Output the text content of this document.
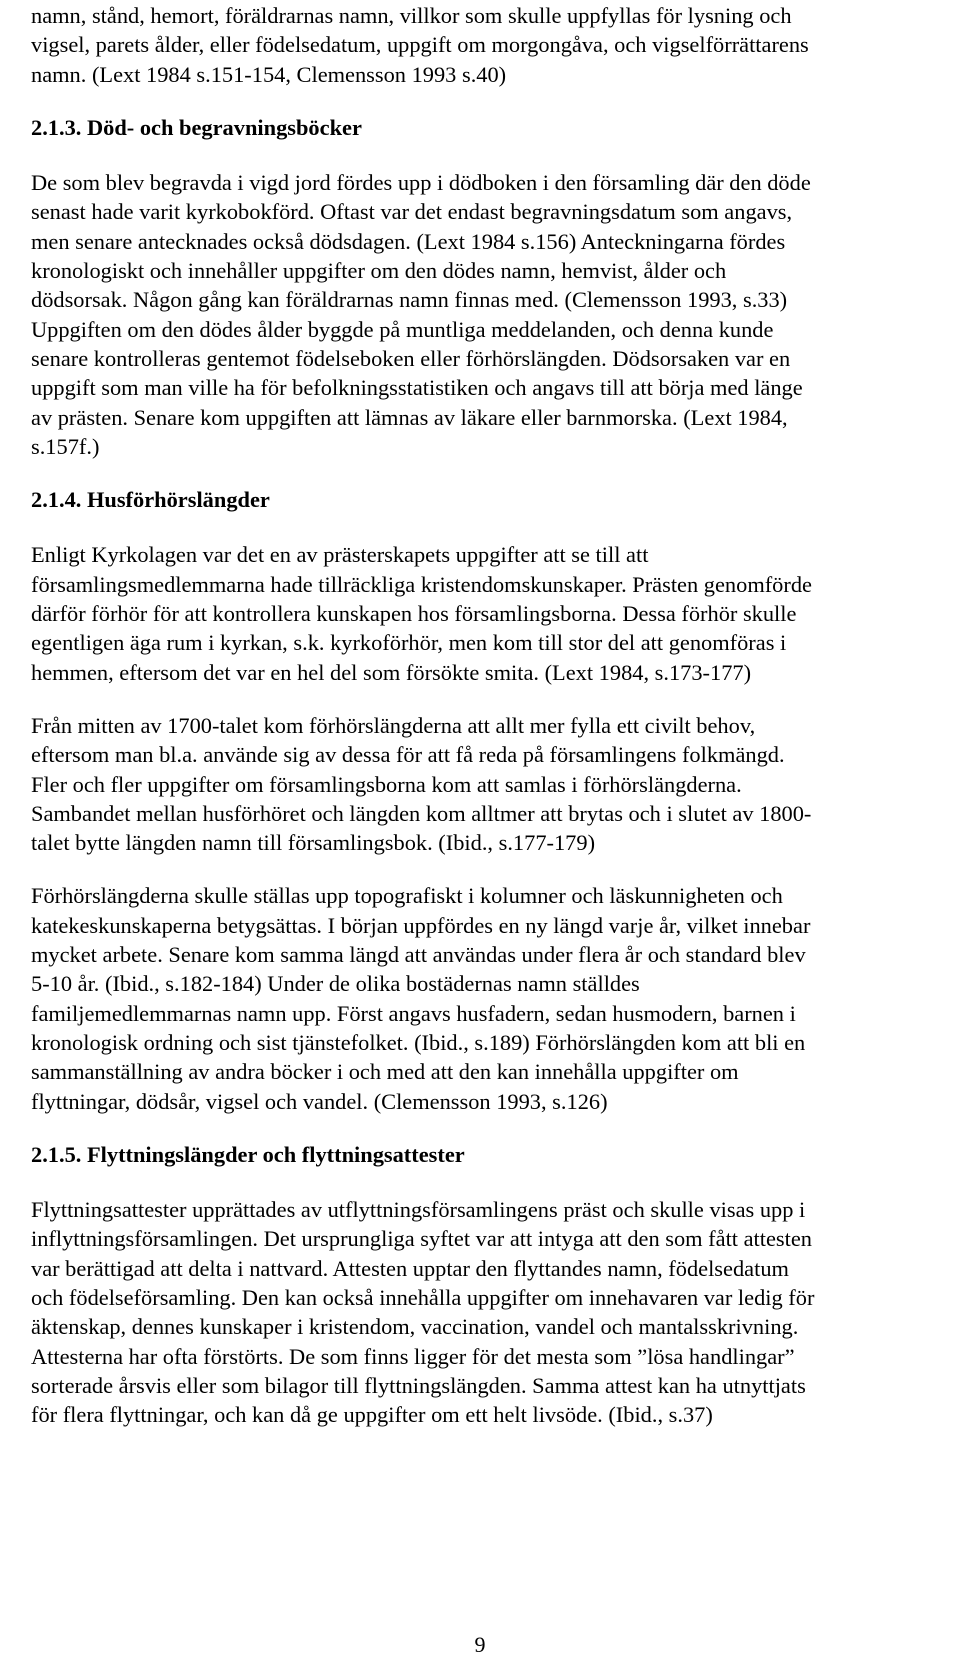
namn, stånd, hemort, föräldrarnas namn, villkor som skulle uppfyllas för lysning och
vigsel, parets ålder, eller födelsedatum, uppgift om morgongåva, och vigselförrättarens
namn. (Lext 1984 s.151-154, Clemensson 1993 s.40)

2.1.3. Död- och begravningsböcker

De som blev begravda i vigd jord fördes upp i dödboken i den församling där den döde
senast hade varit kyrkobokförd. Oftast var det endast begravningsdatum som angavs,
men senare antecknades också dödsdagen. (Lext 1984 s.156) Anteckningarna fördes
kronologiskt och innehåller uppgifter om den dödes namn, hemvist, ålder och
dödsorsak. Någon gång kan föräldrarnas namn finnas med. (Clemensson 1993, s.33)
Uppgiften om den dödes ålder byggde på muntliga meddelanden, och denna kunde
senare kontrolleras gentemot födelseboken eller förhörslängden. Dödsorsaken var en
uppgift som man ville ha för befolkningsstatistiken och angavs till att börja med länge
av prästen. Senare kom uppgiften att lämnas av läkare eller barnmorska. (Lext 1984,
s.157f.)

2.1.4. Husförhörslängder

Enligt Kyrkolagen var det en av prästerskapets uppgifter att se till att
församlingsmedlemmarna hade tillräckliga kristendomskunskaper. Prästen genomförde
därför förhör för att kontrollera kunskapen hos församlingsborna. Dessa förhör skulle
egentligen äga rum i kyrkan, s.k. kyrkoförhör, men kom till stor del att genomföras i
hemmen, eftersom det var en hel del som försökte smita. (Lext 1984, s.173-177)

Från mitten av 1700-talet kom förhörslängderna att allt mer fylla ett civilt behov,
eftersom man bl.a. använde sig av dessa för att få reda på församlingens folkmängd.
Fler och fler uppgifter om församlingsborna kom att samlas i förhörslängderna.
Sambandet mellan husförhöret och längden kom alltmer att brytas och i slutet av 1800-
talet bytte längden namn till församlingsbok. (Ibid., s.177-179)

Förhörslängderna skulle ställas upp topografiskt i kolumner och läskunnigheten och
katekeskunskaperna betygsättas. I början uppfördes en ny längd varje år, vilket innebar
mycket arbete. Senare kom samma längd att användas under flera år och standard blev
5-10 år. (Ibid., s.182-184) Under de olika bostädernas namn ställdes
familjemedlemmarnas namn upp. Först angavs husfadern, sedan husmodern, barnen i
kronologisk ordning och sist tjänstefolket. (Ibid., s.189) Förhörslängden kom att bli en
sammanställning av andra böcker i och med att den kan innehålla uppgifter om
flyttningar, dödsår, vigsel och vandel. (Clemensson 1993, s.126)

2.1.5. Flyttningslängder och flyttningsattester

Flyttningsattester upprättades av utflyttningsförsamlingens präst och skulle visas upp i
inflyttningsförsamlingen. Det ursprungliga syftet var att intyga att den som fått attesten
var berättigad att delta i nattvard. Attesten upptar den flyttandes namn, födelsedatum
och födelseförsamling. Den kan också innehålla uppgifter om innehavaren var ledig för
äktenskap, dennes kunskaper i kristendom, vaccination, vandel och mantalsskrivning.
Attesterna har ofta förstörts. De som finns ligger för det mesta som ”lösa handlingar”
sorterade årsvis eller som bilagor till flyttningslängden. Samma attest kan ha utnyttjats
för flera flyttningar, och kan då ge uppgifter om ett helt livsöde. (Ibid., s.37)

9
